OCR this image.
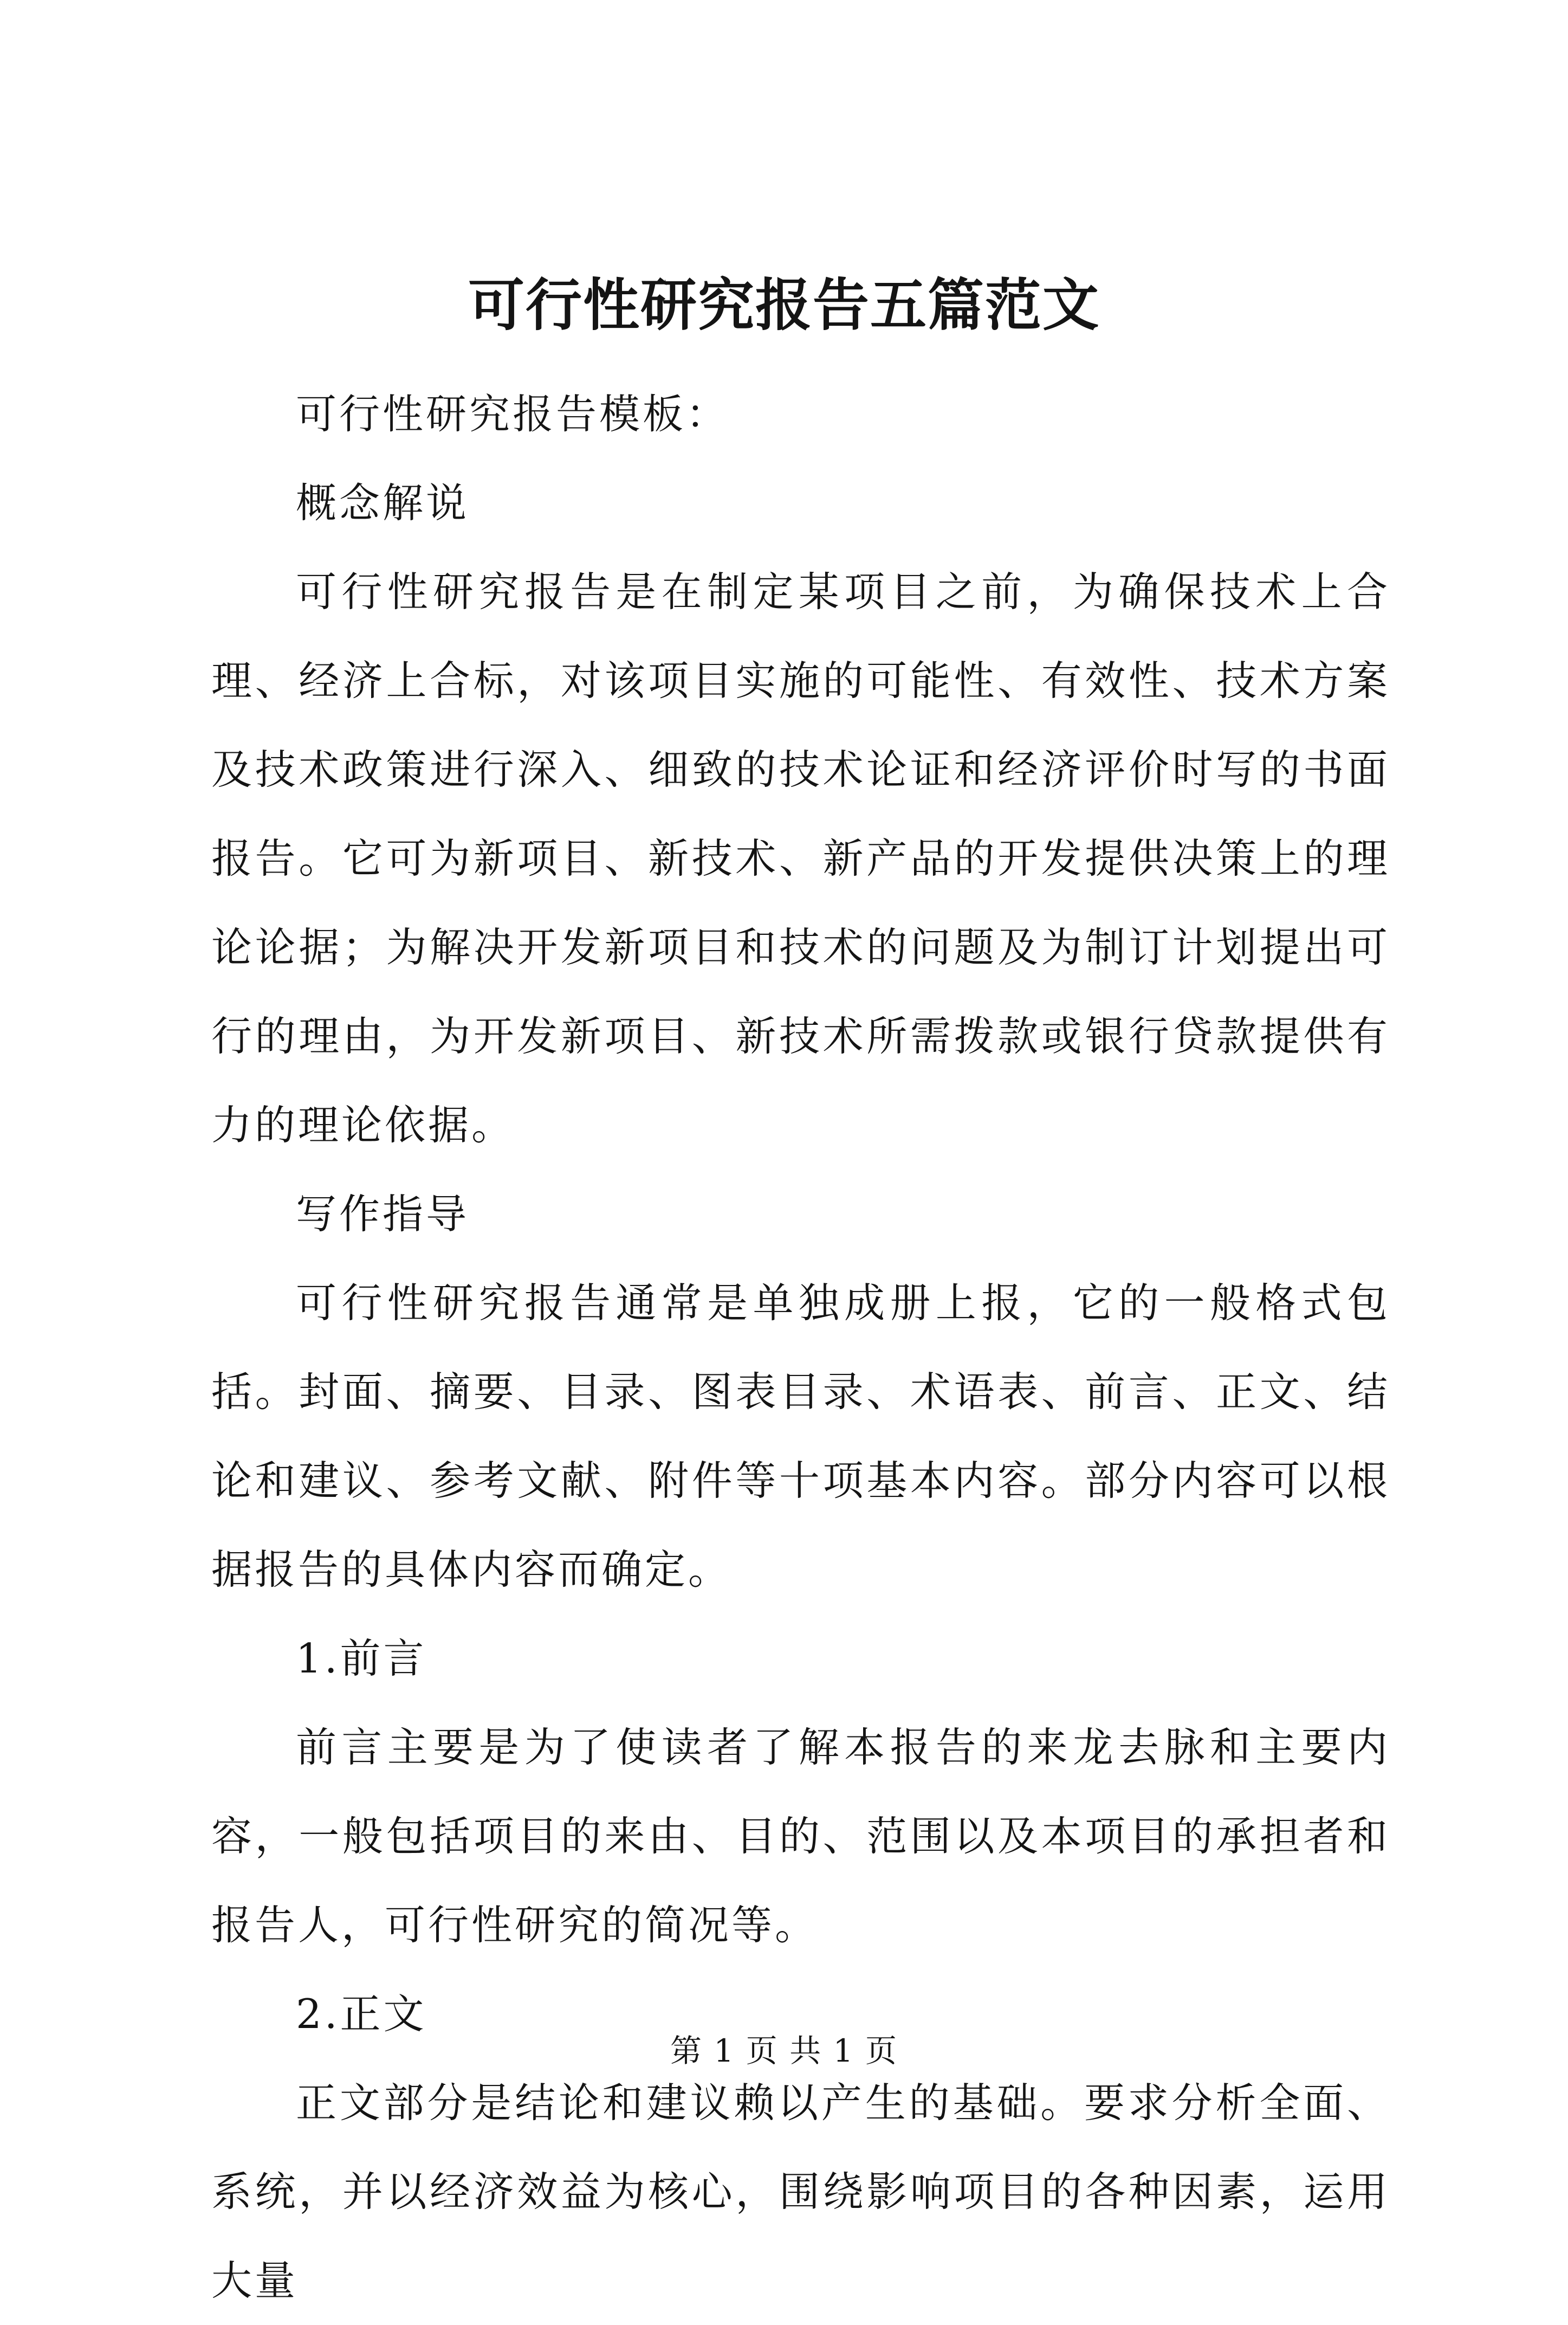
可行性研究报告五篇范文

可行性研究报告模板：

概念解说

可行性研究报告是在制定某项目之前，为确保技术上合理、经济上合标，对该项目实施的可能性、有效性、技术方案及技术政策进行深入、细致的技术论证和经济评价时写的书面报告。它可为新项目、新技术、新产品的开发提供决策上的理论论据；为解决开发新项目和技术的问题及为制订计划提出可行的理由，为开发新项目、新技术所需拨款或银行贷款提供有力的理论依据。

写作指导

可行性研究报告通常是单独成册上报，它的一般格式包括。封面、摘要、目录、图表目录、术语表、前言、正文、结论和建议、参考文献、附件等十项基本内容。部分内容可以根据报告的具体内容而确定。

1.前言

前言主要是为了使读者了解本报告的来龙去脉和主要内容，一般包括项目的来由、目的、范围以及本项目的承担者和报告人，可行性研究的简况等。

2.正文

正文部分是结论和建议赖以产生的基础。要求分析全面、系统，并以经济效益为核心，围绕影响项目的各种因素，运用大量

第 1 页 共 1 页
